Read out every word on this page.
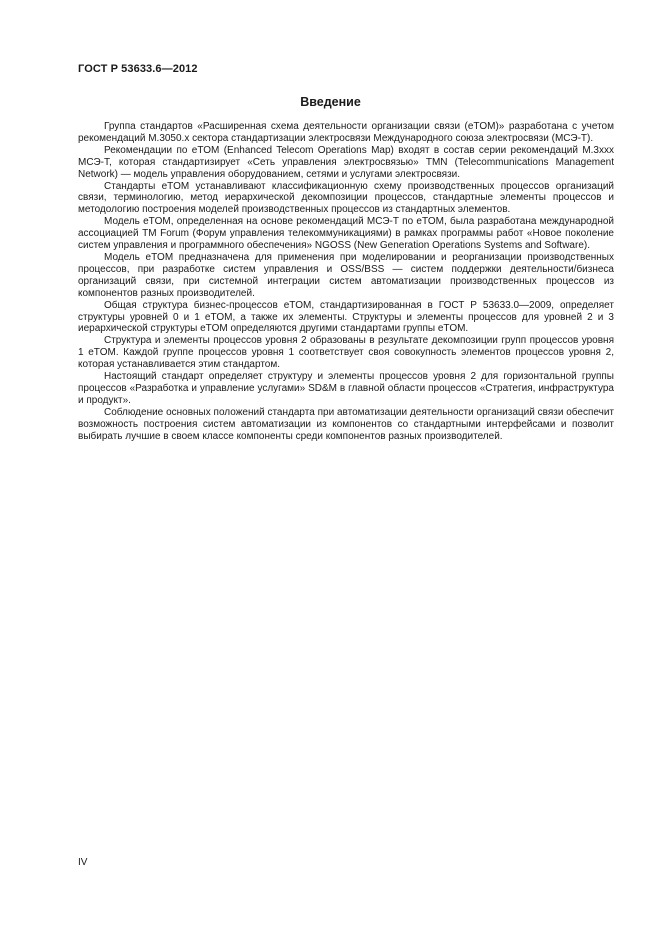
ГОСТ Р 53633.6—2012
Введение

Группа стандартов «Расширенная схема деятельности организации связи (eTOM)» разработана с учетом рекомендаций M.3050.x сектора стандартизации электросвязи Международного союза электросвязи (МСЭ-Т).

Рекомендации по eTOM (Enhanced Telecom Operations Map) входят в состав серии рекомендаций M.3xxx МСЭ-Т, которая стандартизирует «Сеть управления электросвязью» TMN (Telecommunications Management Network) — модель управления оборудованием, сетями и услугами электросвязи.

Стандарты eTOM устанавливают классификационную схему производственных процессов организаций связи, терминологию, метод иерархической декомпозиции процессов, стандартные элементы процессов и методологию построения моделей производственных процессов из стандартных элементов.

Модель eTOM, определенная на основе рекомендаций МСЭ-Т по eTOM, была разработана международной ассоциацией TM Forum (Форум управления телекоммуникациями) в рамках программы работ «Новое поколение систем управления и программного обеспечения» NGOSS (New Generation Operations Systems and Software).

Модель eTOM предназначена для применения при моделировании и реорганизации производственных процессов, при разработке систем управления и OSS/BSS — систем поддержки деятельности/бизнеса организаций связи, при системной интеграции систем автоматизации производственных процессов из компонентов разных производителей.

Общая структура бизнес-процессов eTOM, стандартизированная в ГОСТ Р 53633.0—2009, определяет структуры уровней 0 и 1 eTOM, а также их элементы. Структуры и элементы процессов для уровней 2 и 3 иерархической структуры eTOM определяются другими стандартами группы eTOM.

Структура и элементы процессов уровня 2 образованы в результате декомпозиции групп процессов уровня 1 eTOM. Каждой группе процессов уровня 1 соответствует своя совокупность элементов процессов уровня 2, которая устанавливается этим стандартом.

Настоящий стандарт определяет структуру и элементы процессов уровня 2 для горизонтальной группы процессов «Разработка и управление услугами» SD&M в главной области процессов «Стратегия, инфраструктура и продукт».

Соблюдение основных положений стандарта при автоматизации деятельности организаций связи обеспечит возможность построения систем автоматизации из компонентов со стандартными интерфейсами и позволит выбирать лучшие в своем классе компоненты среди компонентов разных производителей.

IV
